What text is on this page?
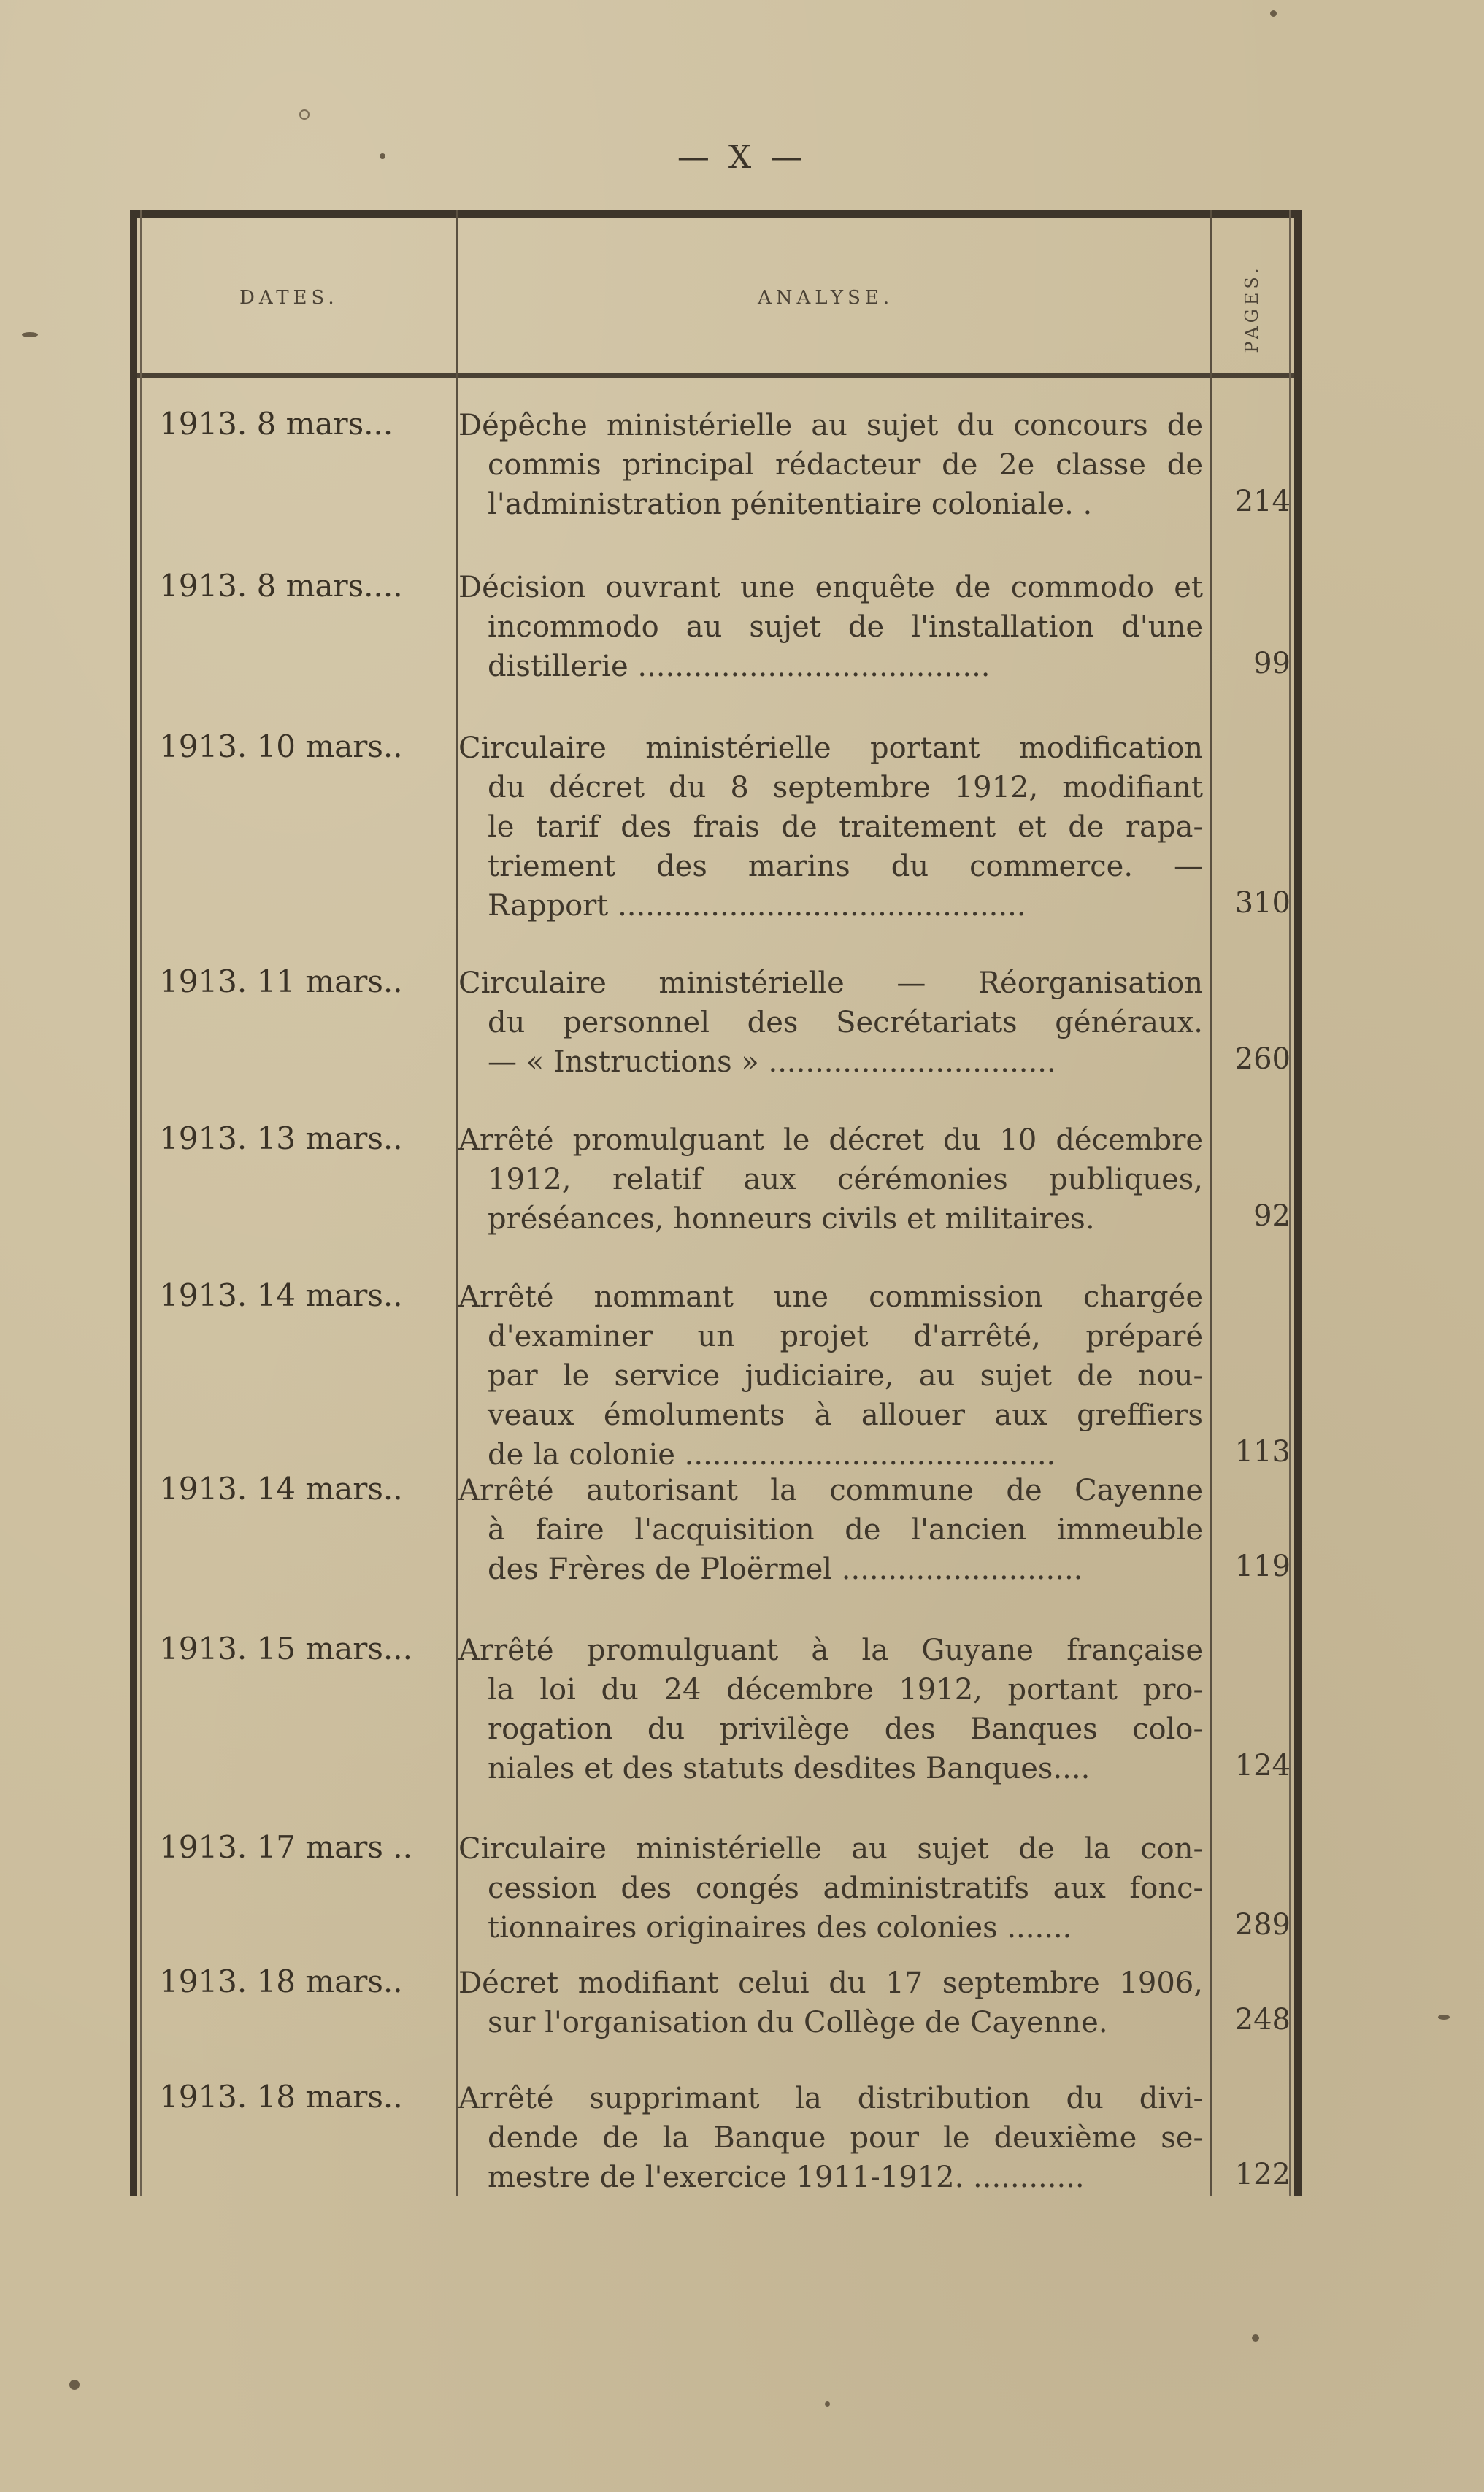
— X —
DATES.	ANALYSE.	PAGES.
1913. 8 mars... Dépêche ministérielle au sujet du concours de
commis principal rédacteur de 2e classe de
l'administration pénitentiaire coloniale. .	214
1913. 8 mars.... Décision ouvrant une enquête de commodo et
incommodo au sujet de l'installation d'une
distillerie ......................................	99
1913. 10 mars.. Circulaire ministérielle portant modification
du décret du 8 septembre 1912, modifiant
le tarif des frais de traitement et de rapa-
triement des marins du commerce. —
Rapport ............................................	310
1913. 11 mars.. Circulaire ministérielle — Réorganisation
du personnel des Secrétariats généraux.
— « Instructions » ...............................	260
1913. 13 mars.. Arrêté promulguant le décret du 10 décembre
1912, relatif aux cérémonies publiques,
préséances, honneurs civils et militaires.	92
1913. 14 mars.. Arrêté nommant une commission chargée
d'examiner un projet d'arrêté, préparé
par le service judiciaire, au sujet de nou-
veaux émoluments à allouer aux greffiers
de la colonie ........................................	113
1913. 14 mars.. Arrêté autorisant la commune de Cayenne
à faire l'acquisition de l'ancien immeuble
des Frères de Ploërmel ..........................	119
1913. 15 mars... Arrêté promulguant à la Guyane française
la loi du 24 décembre 1912, portant pro-
rogation du privilège des Banques colo-
niales et des statuts desdites Banques....	124
1913. 17 mars .. Circulaire ministérielle au sujet de la con-
cession des congés administratifs aux fonc-
tionnaires originaires des colonies .......	289
1913. 18 mars.. Décret modifiant celui du 17 septembre 1906,
sur l'organisation du Collège de Cayenne.	248
1913. 18 mars.. Arrêté supprimant la distribution du divi-
dende de la Banque pour le deuxième se-
mestre de l'exercice 1911-1912. ............	122
